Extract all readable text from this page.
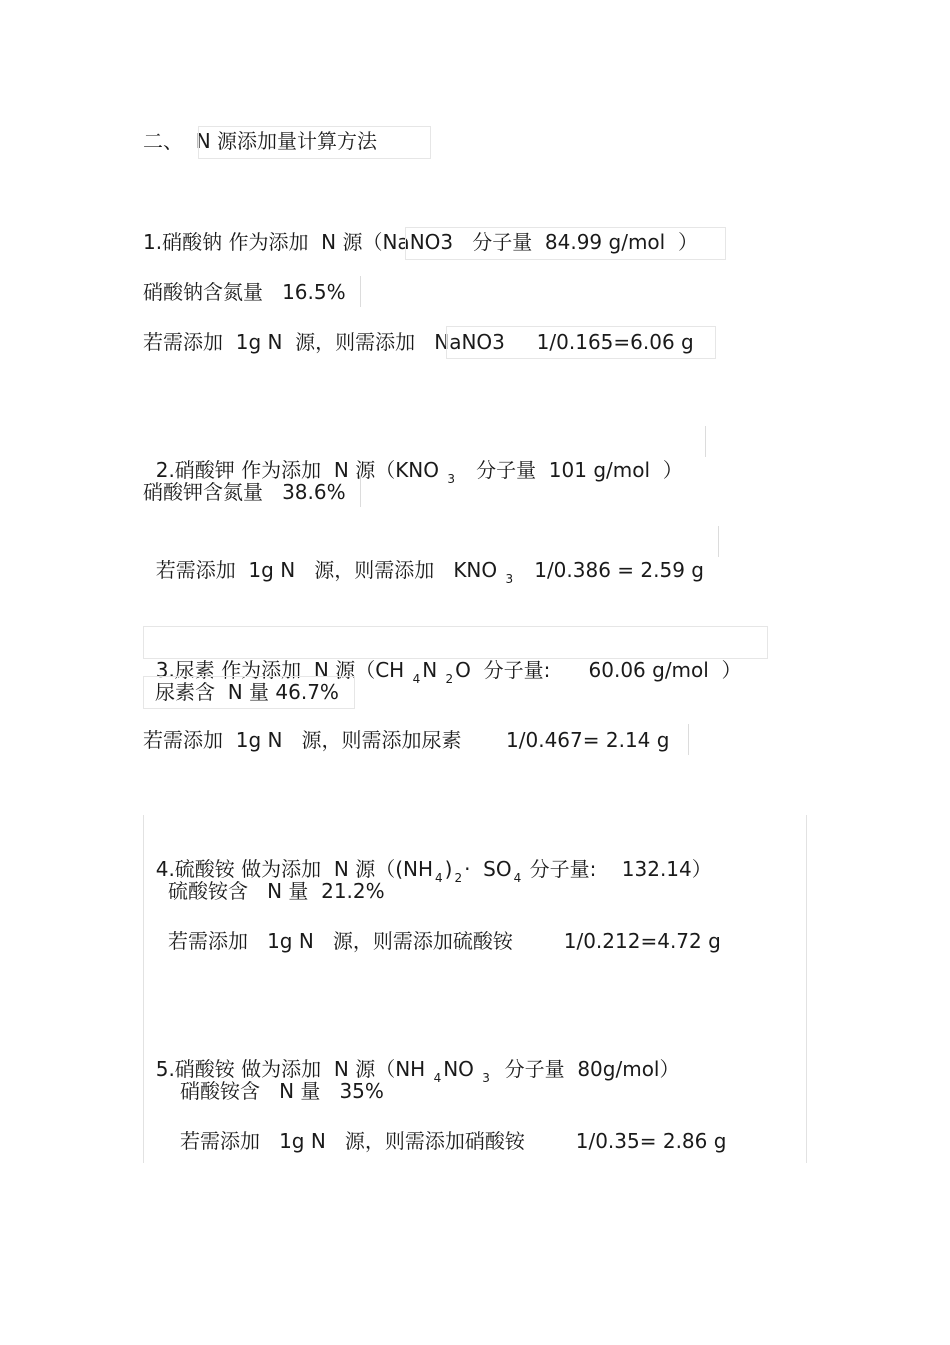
二、  N 源添加量计算方法
1.硝酸钠 作为添加  N 源（NaNO3   分子量  84.99 g/mol  ）
硝酸钠含氮量   16.5%
若需添加  1g N  源，则需添加   NaNO3     1/0.165=6.06 g

2.硝酸钾 作为添加  N 源（KNO $_3$   分子量  101 g/mol  ）

硝酸钾含氮量   38.6%

若需添加  1g N   源，则需添加   KNO $_3$   1/0.386 = 2.59 g

3.尿素 作为添加  N 源（CH $_4$ N $_2$ O  分子量:      60.06 g/mol  ）

尿素含  N 量 46.7%
若需添加  1g N   源，则需添加尿素       1/0.467= 2.14 g

4.硫酸铵 做为添加  N 源（(NH $_4$ ) $_2$ ·  SO $_4$ 分子量:    132.14）

硫酸铵含   N 量  21.2%
若需添加   1g N   源，则需添加硫酸铵        1/0.212=4.72 g

5.硝酸铵 做为添加  N 源（NH $_4$ NO $_3$  分子量  80g/mol）

硝酸铵含   N 量   35%
若需添加   1g N   源，则需添加硝酸铵        1/0.35= 2.86 g
